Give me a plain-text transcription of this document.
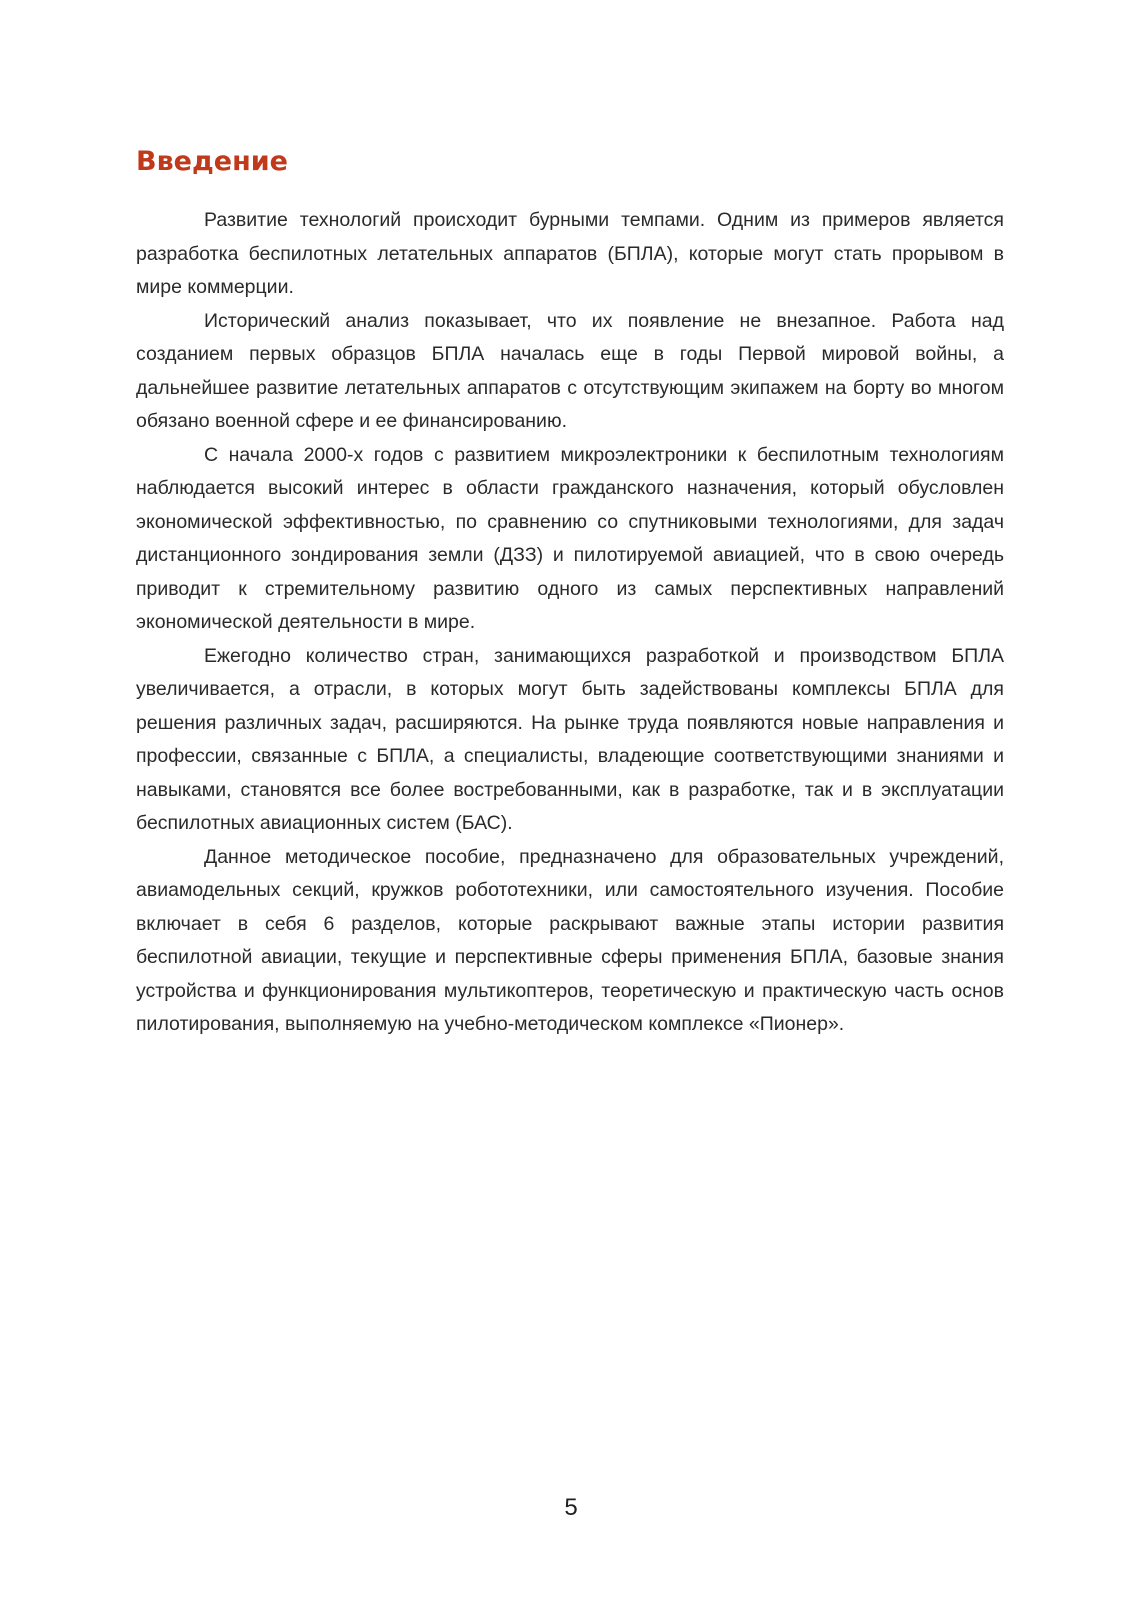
Введение

Развитие технологий происходит бурными темпами. Одним из примеров является разработка беспилотных летательных аппаратов (БПЛА), которые могут стать прорывом в мире коммерции.

Исторический анализ показывает, что их появление не внезапное. Работа над созданием первых образцов БПЛА началась еще в годы Первой мировой войны, а дальнейшее развитие летательных аппаратов с отсутствующим экипажем на борту во многом обязано военной сфере и ее финансированию.

С начала 2000-х годов с развитием микроэлектроники к беспилотным технологиям наблюдается высокий интерес в области гражданского назначения, который обусловлен экономической эффективностью, по сравнению со спутниковыми технологиями, для задач дистанционного зондирования земли (ДЗЗ) и пилотируемой авиацией, что в свою очередь приводит к стремительному развитию одного из самых перспективных направлений экономической деятельности в мире.

Ежегодно количество стран, занимающихся разработкой и производством БПЛА увеличивается, а отрасли, в которых могут быть задействованы комплексы БПЛА для решения различных задач, расширяются. На рынке труда появляются новые направления и профессии, связанные с БПЛА, а специалисты, владеющие соответствующими знаниями и навыками, становятся все более востребованными, как в разработке, так и в эксплуатации беспилотных авиационных систем (БАС).

Данное методическое пособие, предназначено для образовательных учреждений, авиамодельных секций, кружков робототехники, или самостоятельного изучения. Пособие включает в себя 6 разделов, которые раскрывают важные этапы истории развития беспилотной авиации, текущие и перспективные сферы применения БПЛА, базовые знания устройства и функционирования мультикоптеров, теоретическую и практическую часть основ пилотирования, выполняемую на учебно-методическом комплексе «Пионер».

5
